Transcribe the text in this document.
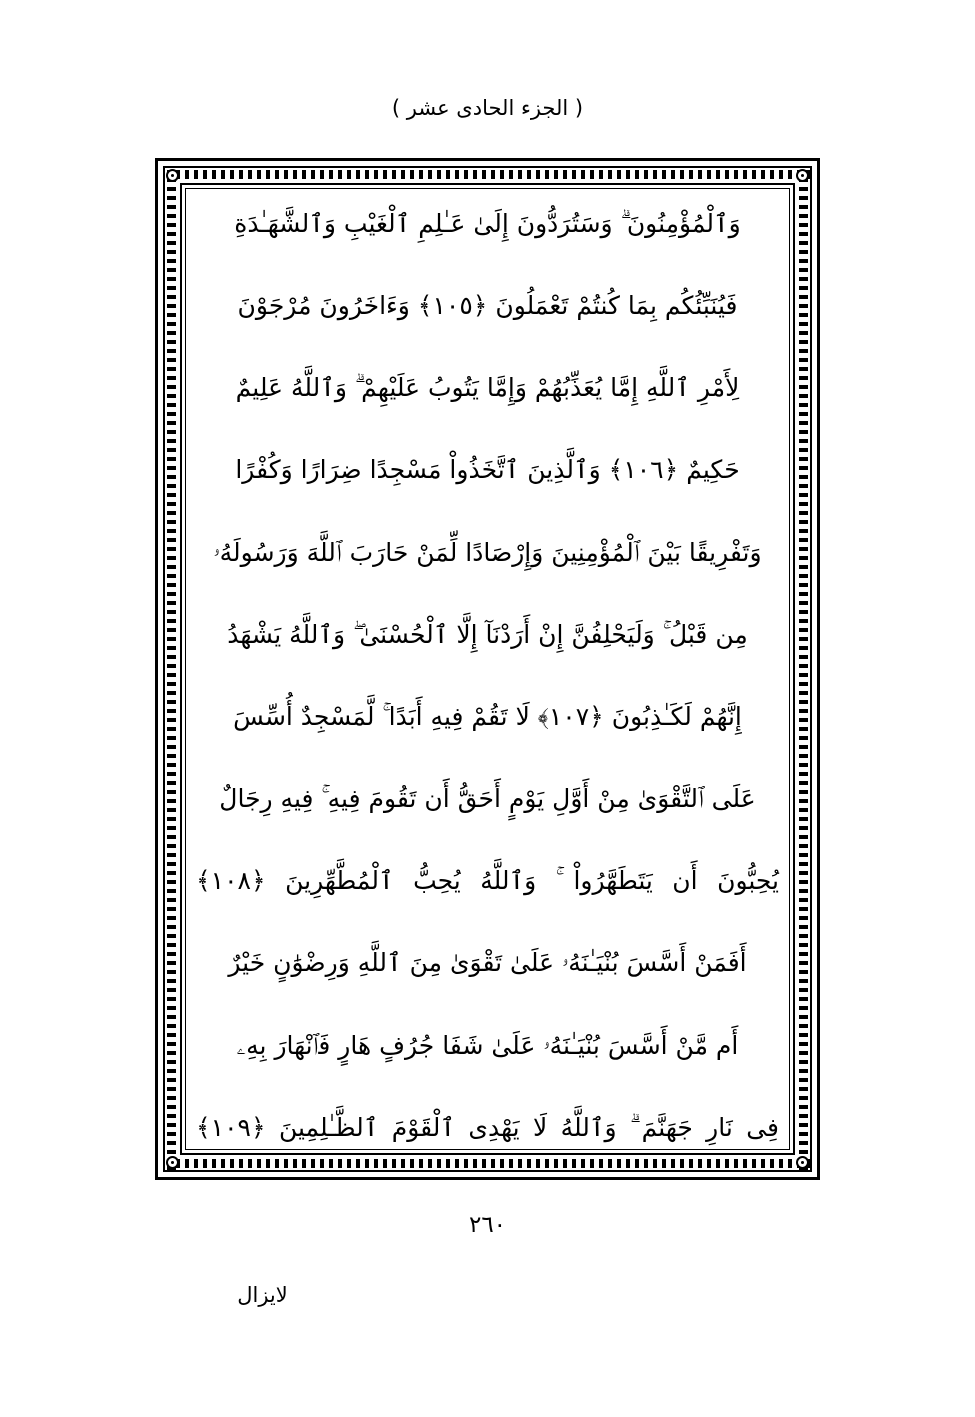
( الجزء الحادى عشر )
وَٱلْمُؤْمِنُونَ ۗ وَسَتُرَدُّونَ إِلَىٰ عَـٰلِمِ ٱلْغَيْبِ وَٱلشَّهَـٰدَةِ
فَيُنَبِّئُكُم بِمَا كُنتُمْ تَعْمَلُونَ ﴿١٠٥﴾ وَءَاخَرُونَ مُرْجَوْنَ
لِأَمْرِ ٱللَّهِ إِمَّا يُعَذِّبُهُمْ وَإِمَّا يَتُوبُ عَلَيْهِمْ ۗ وَٱللَّهُ عَلِيمٌ
حَكِيمٌ ﴿١٠٦﴾ وَٱلَّذِينَ ٱتَّخَذُواْ مَسْجِدًا ضِرَارًا وَكُفْرًا
وَتَفْرِيقًا بَيْنَ ٱلْمُؤْمِنِينَ وَإِرْصَادًا لِّمَنْ حَارَبَ ٱللَّهَ وَرَسُولَهُۥ
مِن قَبْلُ ۚ وَلَيَحْلِفُنَّ إِنْ أَرَدْنَآ إِلَّا ٱلْحُسْنَىٰ ۖ وَٱللَّهُ يَشْهَدُ
إِنَّهُمْ لَكَـٰذِبُونَ ﴿١٠٧﴾ لَا تَقُمْ فِيهِ أَبَدًا ۚ لَّمَسْجِدٌ أُسِّسَ
عَلَى ٱلتَّقْوَىٰ مِنْ أَوَّلِ يَوْمٍ أَحَقُّ أَن تَقُومَ فِيهِ ۚ فِيهِ رِجَالٌ
يُحِبُّونَ أَن يَتَطَهَّرُواْ ۚ وَٱللَّهُ يُحِبُّ ٱلْمُطَّهِّرِينَ ﴿١٠٨﴾
أَفَمَنْ أَسَّسَ بُنْيَـٰنَهُۥ عَلَىٰ تَقْوَىٰ مِنَ ٱللَّهِ وَرِضْوَٰنٍ خَيْرٌ
أَم مَّنْ أَسَّسَ بُنْيَـٰنَهُۥ عَلَىٰ شَفَا جُرُفٍ هَارٍ فَٱنْهَارَ بِهِۦ
فِى نَارِ جَهَنَّمَ ۗ وَٱللَّهُ لَا يَهْدِى ٱلْقَوْمَ ٱلظَّـٰلِمِينَ ﴿١٠٩﴾
٢٦٠
لايزال
